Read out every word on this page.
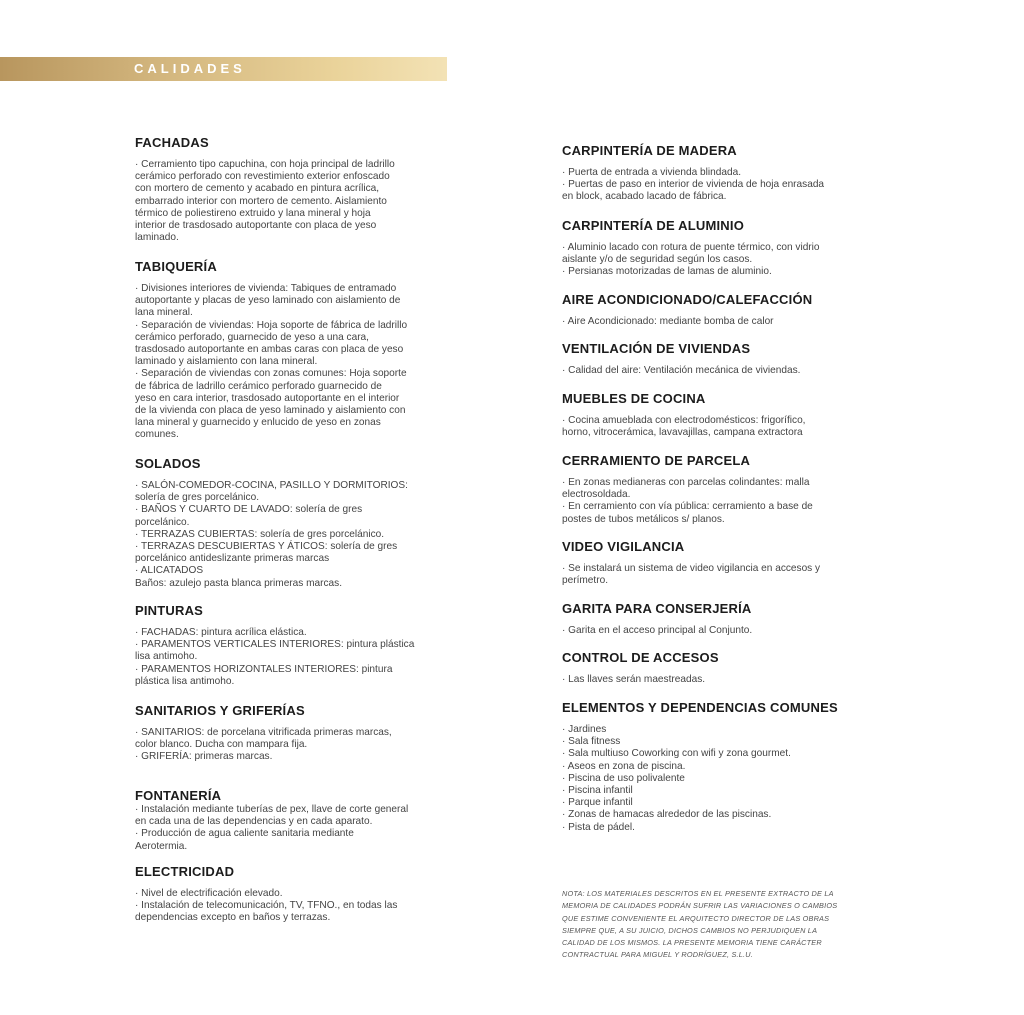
CALIDADES
FACHADAS
· Cerramiento tipo capuchina, con hoja principal de ladrillo
cerámico perforado con revestimiento exterior enfoscado
con mortero de cemento y acabado en pintura acrílica,
embarrado interior con mortero de cemento. Aislamiento
térmico de poliestireno extruido y lana mineral y hoja
interior de trasdosado autoportante con placa de yeso
laminado.
TABIQUERÍA
· Divisiones interiores de vivienda: Tabiques de entramado
autoportante y placas de yeso laminado con aislamiento de
lana mineral.
· Separación de viviendas: Hoja soporte de fábrica de ladrillo
cerámico perforado, guarnecido de yeso a una cara,
trasdosado autoportante en ambas caras con placa de yeso
laminado y aislamiento con lana mineral.
· Separación de viviendas con zonas comunes: Hoja soporte
de fábrica de ladrillo cerámico perforado guarnecido de
yeso en cara interior, trasdosado autoportante en el interior
de la vivienda con placa de yeso laminado y aislamiento con
lana mineral y guarnecido y enlucido de yeso en zonas
comunes.
SOLADOS
· SALÓN-COMEDOR-COCINA, PASILLO Y DORMITORIOS:
solería de gres porcelánico.
· BAÑOS Y CUARTO DE LAVADO: solería de gres
porcelánico.
· TERRAZAS CUBIERTAS: solería de gres porcelánico.
· TERRAZAS DESCUBIERTAS Y ÁTICOS: solería de gres
porcelánico antideslizante primeras marcas
· ALICATADOS
Baños: azulejo pasta blanca primeras marcas.
PINTURAS
· FACHADAS: pintura acrílica elástica.
· PARAMENTOS VERTICALES INTERIORES: pintura plástica
lisa antimoho.
· PARAMENTOS HORIZONTALES INTERIORES: pintura
plástica lisa antimoho.
SANITARIOS Y GRIFERÍAS
· SANITARIOS: de porcelana vitrificada primeras marcas,
color blanco. Ducha con mampara fija.
· GRIFERÍA: primeras marcas.
FONTANERÍA
· Instalación mediante tuberías de pex, llave de corte general
en cada una de las dependencias y en cada aparato.
· Producción de agua caliente sanitaria mediante
Aerotermia.
ELECTRICIDAD
· Nivel de electrificación elevado.
· Instalación de telecomunicación, TV, TFNO., en todas las
dependencias excepto en baños y terrazas.
CARPINTERÍA DE MADERA
· Puerta de entrada a vivienda blindada.
· Puertas de paso en interior de vivienda de hoja enrasada
en block, acabado lacado de fábrica.
CARPINTERÍA DE ALUMINIO
· Aluminio lacado con rotura de puente térmico, con vidrio
aislante y/o de seguridad según los casos.
· Persianas motorizadas de lamas de aluminio.
AIRE ACONDICIONADO/CALEFACCIÓN
· Aire Acondicionado: mediante bomba de calor
VENTILACIÓN DE VIVIENDAS
· Calidad del aire: Ventilación mecánica de viviendas.
MUEBLES DE COCINA
· Cocina amueblada con electrodomésticos: frigorífico,
horno, vitrocerámica, lavavajillas, campana extractora
CERRAMIENTO DE PARCELA
· En zonas medianeras con parcelas colindantes: malla
electrosoldada.
· En cerramiento con vía pública: cerramiento a base de
postes de tubos metálicos s/ planos.
VIDEO VIGILANCIA
· Se instalará un sistema de video vigilancia en accesos y
perímetro.
GARITA PARA CONSERJERÍA
· Garita en el acceso principal al Conjunto.
CONTROL DE ACCESOS
· Las llaves serán maestreadas.
ELEMENTOS Y DEPENDENCIAS COMUNES
· Jardines
· Sala fitness
· Sala multiuso Coworking con wifi y zona gourmet.
· Aseos en zona de piscina.
· Piscina de uso polivalente
· Piscina infantil
· Parque infantil
· Zonas de hamacas alrededor de las piscinas.
· Pista de pádel.
NOTA: LOS MATERIALES DESCRITOS EN EL PRESENTE EXTRACTO DE LA
MEMORIA DE CALIDADES PODRÁN SUFRIR LAS VARIACIONES O CAMBIOS
QUE ESTIME CONVENIENTE EL ARQUITECTO DIRECTOR DE LAS OBRAS
SIEMPRE QUE, A SU JUICIO, DICHOS CAMBIOS NO PERJUDIQUEN LA
CALIDAD DE LOS MISMOS. LA PRESENTE MEMORIA TIENE CARÁCTER
CONTRACTUAL PARA MIGUEL Y RODRÍGUEZ, S.L.U.
